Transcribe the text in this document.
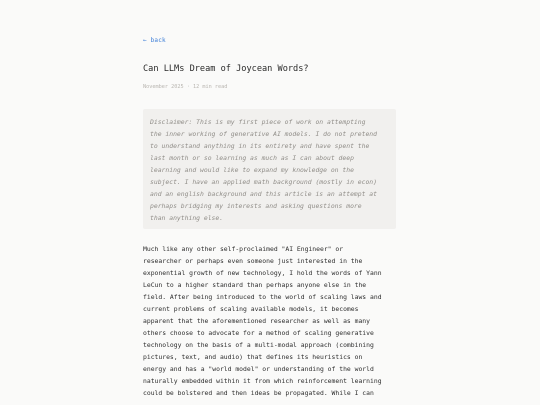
← back
Can LLMs Dream of Joycean Words?
November 2025 · 12 min read
Disclaimer: This is my first piece of work on attempting
the inner working of generative AI models. I do not pretend
to understand anything in its entirety and have spent the
last month or so learning as much as I can about deep
learning and would like to expand my knowledge on the
subject. I have an applied math background (mostly in econ)
and an english background and this article is an attempt at
perhaps bridging my interests and asking questions more
than anything else.
Much like any other self-proclaimed "AI Engineer" or
researcher or perhaps even someone just interested in the
exponential growth of new technology, I hold the words of Yann
LeCun to a higher standard than perhaps anyone else in the
field. After being introduced to the world of scaling laws and
current problems of scaling available models, it becomes
apparent that the aforementioned researcher as well as many
others choose to advocate for a method of scaling generative
technology on the basis of a multi-modal approach (combining
pictures, text, and audio) that defines its heuristics on
energy and has a "world model" or understanding of the world
naturally embedded within it from which reinforcement learning
could be bolstered and then ideas be propagated. While I can
